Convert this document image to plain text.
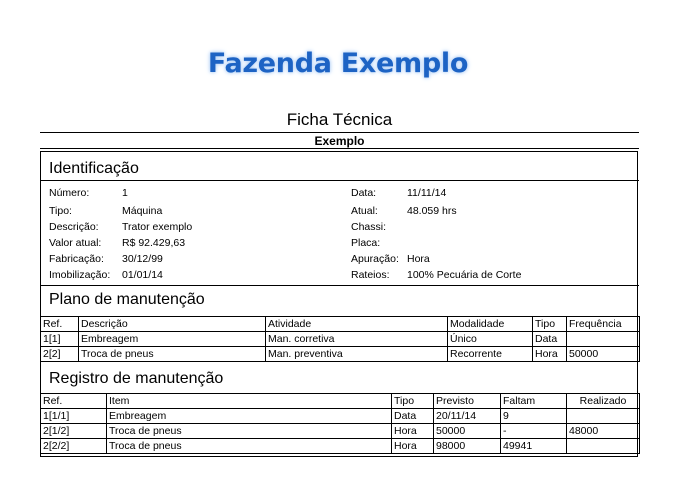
Fazenda Exemplo
Ficha Técnica
Exemplo
Identificação
Número:	1
Tipo:	Máquina
Descrição: Trator exemplo
Valor atual: R$ 92.429,63
Fabricação: 30/12/99
Imobilização: 01/01/14
Data:	11/11/14
Atual:	48.059 hrs
Chassi:
Placa:
Apuração: Hora
Rateios: 100% Pecuária de Corte
Plano de manutenção
Ref.	Descrição	Atividade	Modalidade	Tipo	Frequência
1[1]	Embreagem	Man. corretiva	Único	Data	
2[2]	Troca de pneus	Man. preventiva	Recorrente	Hora	50000
Registro de manutenção
Ref.	Item	Tipo	Previsto	Faltam	Realizado
1[1/1]	Embreagem	Data	20/11/14	9	
2[1/2]	Troca de pneus	Hora	50000	-	48000
2[2/2]	Troca de pneus	Hora	98000	49941	
